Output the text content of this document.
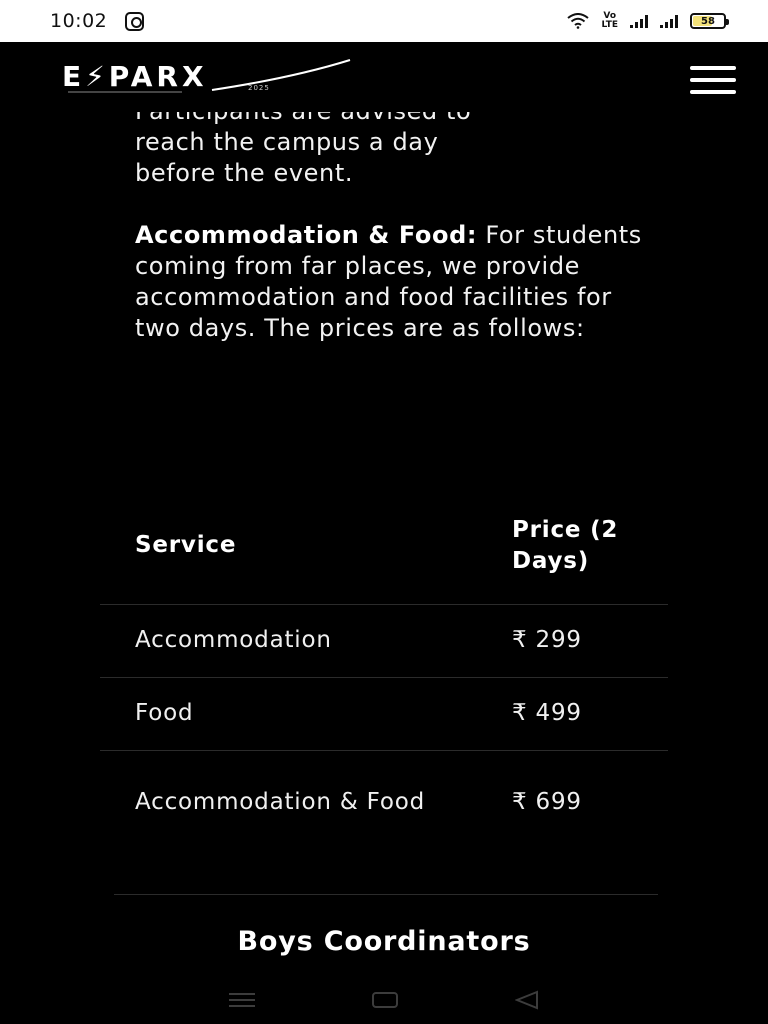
10:02	Vo
LTE	58

reach the campus a day
before the event.

Accommodation & Food: For students coming from far places, we provide accommodation and food facilities for two days. The prices are as follows:

E⚡PARX	2025
Service	Price (2 Days)
Accommodation	₹ 299
Food	₹ 499
Accommodation & Food	₹ 699
Boys Coordinators
